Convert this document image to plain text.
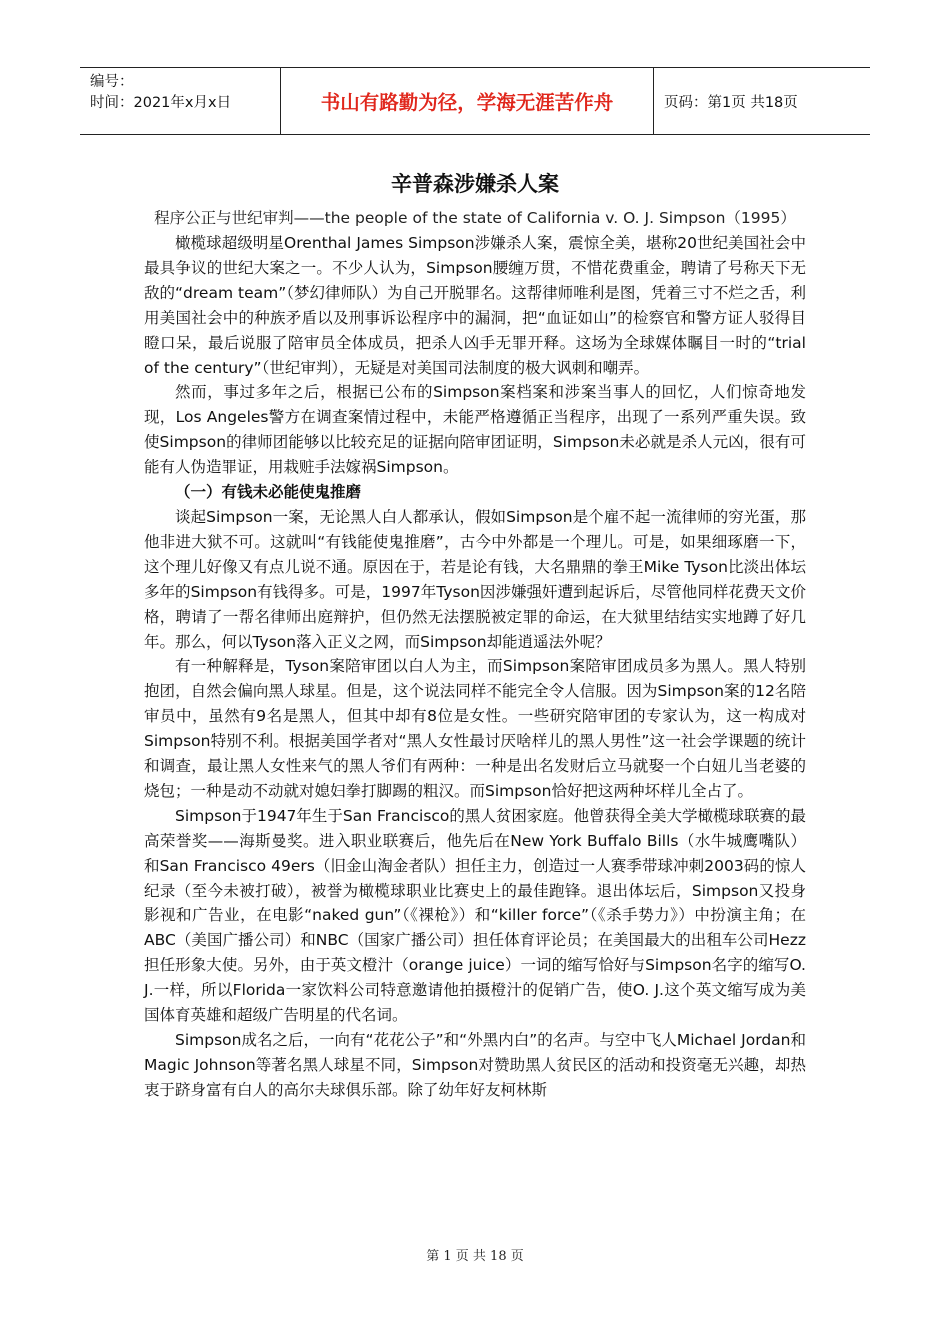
编号：
时间：2021年x月x日	书山有路勤为径，学海无涯苦作舟	页码：第1页 共18页
辛普森涉嫌杀人案
程序公正与世纪审判——the people of the state of California v. O. J. Simpson（1995）

橄榄球超级明星Orenthal James Simpson涉嫌杀人案，震惊全美，堪称20世纪美国社会中最具争议的世纪大案之一。不少人认为，Simpson腰缠万贯，不惜花费重金，聘请了号称天下无敌的“dream team”（梦幻律师队）为自己开脱罪名。这帮律师唯利是图，凭着三寸不烂之舌，利用美国社会中的种族矛盾以及刑事诉讼程序中的漏洞，把“血证如山”的检察官和警方证人驳得目瞪口呆，最后说服了陪审员全体成员，把杀人凶手无罪开释。这场为全球媒体瞩目一时的“trial of the century”（世纪审判），无疑是对美国司法制度的极大讽刺和嘲弄。

然而，事过多年之后，根据已公布的Simpson案档案和涉案当事人的回忆，人们惊奇地发现，Los Angeles警方在调查案情过程中，未能严格遵循正当程序，出现了一系列严重失误。致使Simpson的律师团能够以比较充足的证据向陪审团证明，Simpson未必就是杀人元凶，很有可能有人伪造罪证，用栽赃手法嫁祸Simpson。

（一）有钱未必能使鬼推磨

谈起Simpson一案，无论黑人白人都承认，假如Simpson是个雇不起一流律师的穷光蛋，那他非进大狱不可。这就叫“有钱能使鬼推磨”，古今中外都是一个理儿。可是，如果细琢磨一下，这个理儿好像又有点儿说不通。原因在于，若是论有钱，大名鼎鼎的拳王Mike Tyson比淡出体坛多年的Simpson有钱得多。可是，1997年Tyson因涉嫌强奸遭到起诉后，尽管他同样花费天文价格，聘请了一帮名律师出庭辩护，但仍然无法摆脱被定罪的命运，在大狱里结结实实地蹲了好几年。那么，何以Tyson落入正义之网，而Simpson却能逍遥法外呢？

有一种解释是，Tyson案陪审团以白人为主，而Simpson案陪审团成员多为黑人。黑人特别抱团，自然会偏向黑人球星。但是，这个说法同样不能完全令人信服。因为Simpson案的12名陪审员中，虽然有9名是黑人，但其中却有8位是女性。一些研究陪审团的专家认为，这一构成对Simpson特别不利。根据美国学者对“黑人女性最讨厌啥样儿的黑人男性”这一社会学课题的统计和调查，最让黑人女性来气的黑人爷们有两种：一种是出名发财后立马就娶一个白妞儿当老婆的烧包；一种是动不动就对媳妇拳打脚踢的粗汉。而Simpson恰好把这两种坏样儿全占了。

Simpson于1947年生于San Francisco的黑人贫困家庭。他曾获得全美大学橄榄球联赛的最高荣誉奖——海斯曼奖。进入职业联赛后，他先后在New York Buffalo Bills（水牛城鹰嘴队）和San Francisco 49ers（旧金山淘金者队）担任主力，创造过一人赛季带球冲刺2003码的惊人纪录（至今未被打破），被誉为橄榄球职业比赛史上的最佳跑锋。退出体坛后，Simpson又投身影视和广告业，在电影“naked gun”（《裸枪》）和“killer force”（《杀手势力》）中扮演主角；在ABC（美国广播公司）和NBC（国家广播公司）担任体育评论员；在美国最大的出租车公司Hezz担任形象大使。另外，由于英文橙汁（orange juice）一词的缩写恰好与Simpson名字的缩写O. J.一样，所以Florida一家饮料公司特意邀请他拍摄橙汁的促销广告，使O. J.这个英文缩写成为美国体育英雄和超级广告明星的代名词。

Simpson成名之后，一向有“花花公子”和“外黑内白”的名声。与空中飞人Michael Jordan和Magic Johnson等著名黑人球星不同，Simpson对赞助黑人贫民区的活动和投资毫无兴趣，却热衷于跻身富有白人的高尔夫球俱乐部。除了幼年好友柯林斯

第 1 页 共 18 页
